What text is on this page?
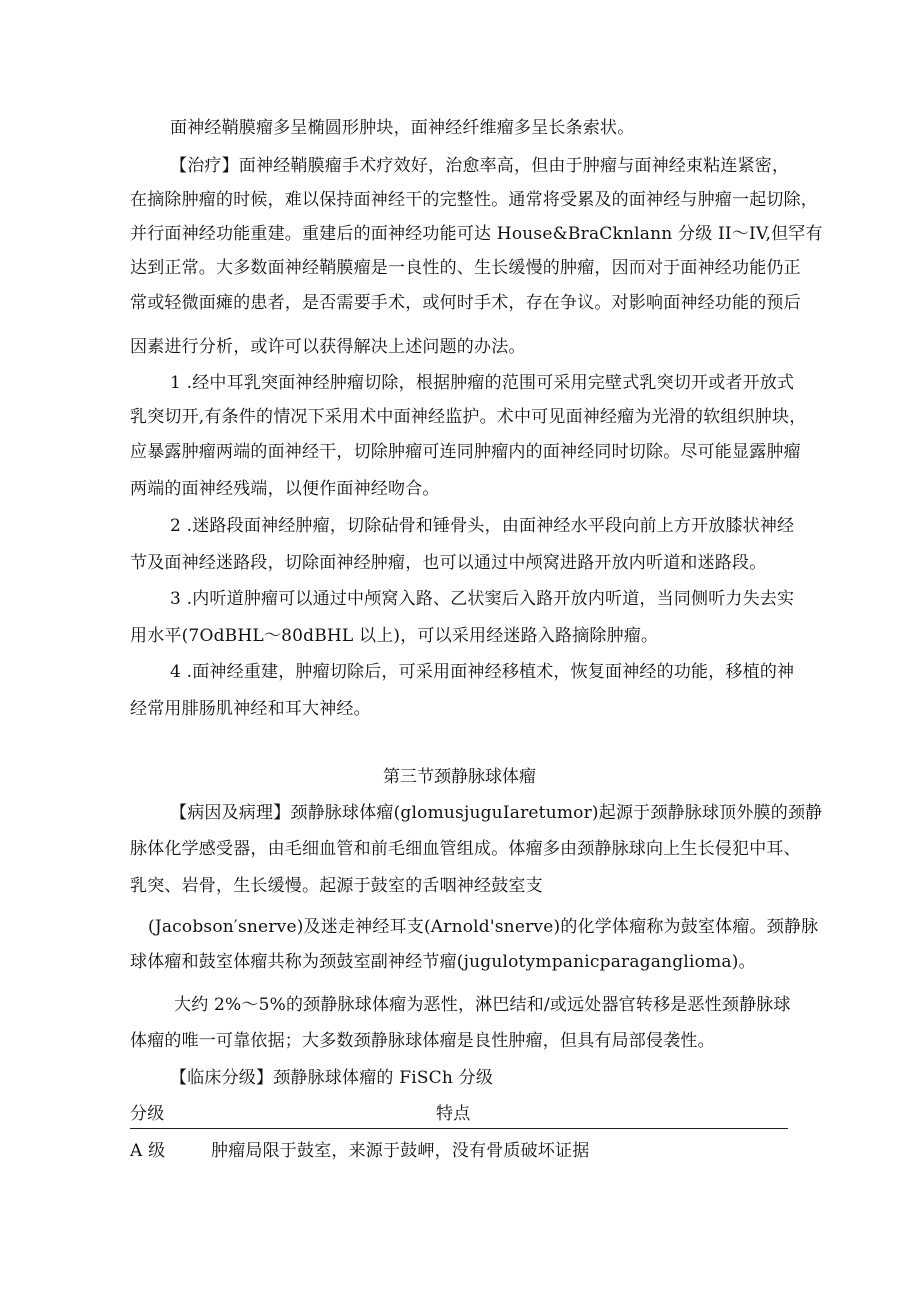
面神经鞘膜瘤多呈椭圆形肿块，面神经纤维瘤多呈长条索状。
【治疗】面神经鞘膜瘤手术疗效好，治愈率高，但由于肿瘤与面神经束粘连紧密，
在摘除肿瘤的时候，难以保持面神经干的完整性。通常将受累及的面神经与肿瘤一起切除，
并行面神经功能重建。重建后的面神经功能可达 House&BraCknlann 分级 II～IV,但罕有
达到正常。大多数面神经鞘膜瘤是一良性的、生长缓慢的肿瘤，因而对于面神经功能仍正
常或轻微面瘫的患者，是否需要手术，或何时手术，存在争议。对影响面神经功能的预后
因素进行分析，或许可以获得解决上述问题的办法。
1 .经中耳乳突面神经肿瘤切除，根据肿瘤的范围可采用完壁式乳突切开或者开放式
乳突切开,有条件的情况下采用术中面神经监护。术中可见面神经瘤为光滑的软组织肿块，
应暴露肿瘤两端的面神经干，切除肿瘤可连同肿瘤内的面神经同时切除。尽可能显露肿瘤
两端的面神经残端，以便作面神经吻合。
2 .迷路段面神经肿瘤，切除砧骨和锤骨头，由面神经水平段向前上方开放膝状神经
节及面神经迷路段，切除面神经肿瘤，也可以通过中颅窝进路开放内听道和迷路段。
3 .内听道肿瘤可以通过中颅窝入路、乙状窦后入路开放内听道，当同侧听力失去实
用水平(7OdBHL～80dBHL 以上)，可以采用经迷路入路摘除肿瘤。
4 .面神经重建，肿瘤切除后，可采用面神经移植术，恢复面神经的功能，移植的神
经常用腓肠肌神经和耳大神经。
第三节颈静脉球体瘤
【病因及病理】颈静脉球体瘤(glomusjuguIaretumor)起源于颈静脉球顶外膜的颈静
脉体化学感受器，由毛细血管和前毛细血管组成。体瘤多由颈静脉球向上生长侵犯中耳、
乳突、岩骨，生长缓慢。起源于鼓室的舌咽神经鼓室支
(Jacobson′snerve)及迷走神经耳支(Arnold'snerve)的化学体瘤称为鼓室体瘤。颈静脉
球体瘤和鼓室体瘤共称为颈鼓室副神经节瘤(jugulotympanicparaganglioma)。
大约 2%～5%的颈静脉球体瘤为恶性，淋巴结和/或远处器官转移是恶性颈静脉球
体瘤的唯一可靠依据；大多数颈静脉球体瘤是良性肿瘤，但具有局部侵袭性。
【临床分级】颈静脉球体瘤的 FiSCh 分级
分级	特点
A 级	肿瘤局限于鼓室，来源于鼓岬，没有骨质破坏证据
